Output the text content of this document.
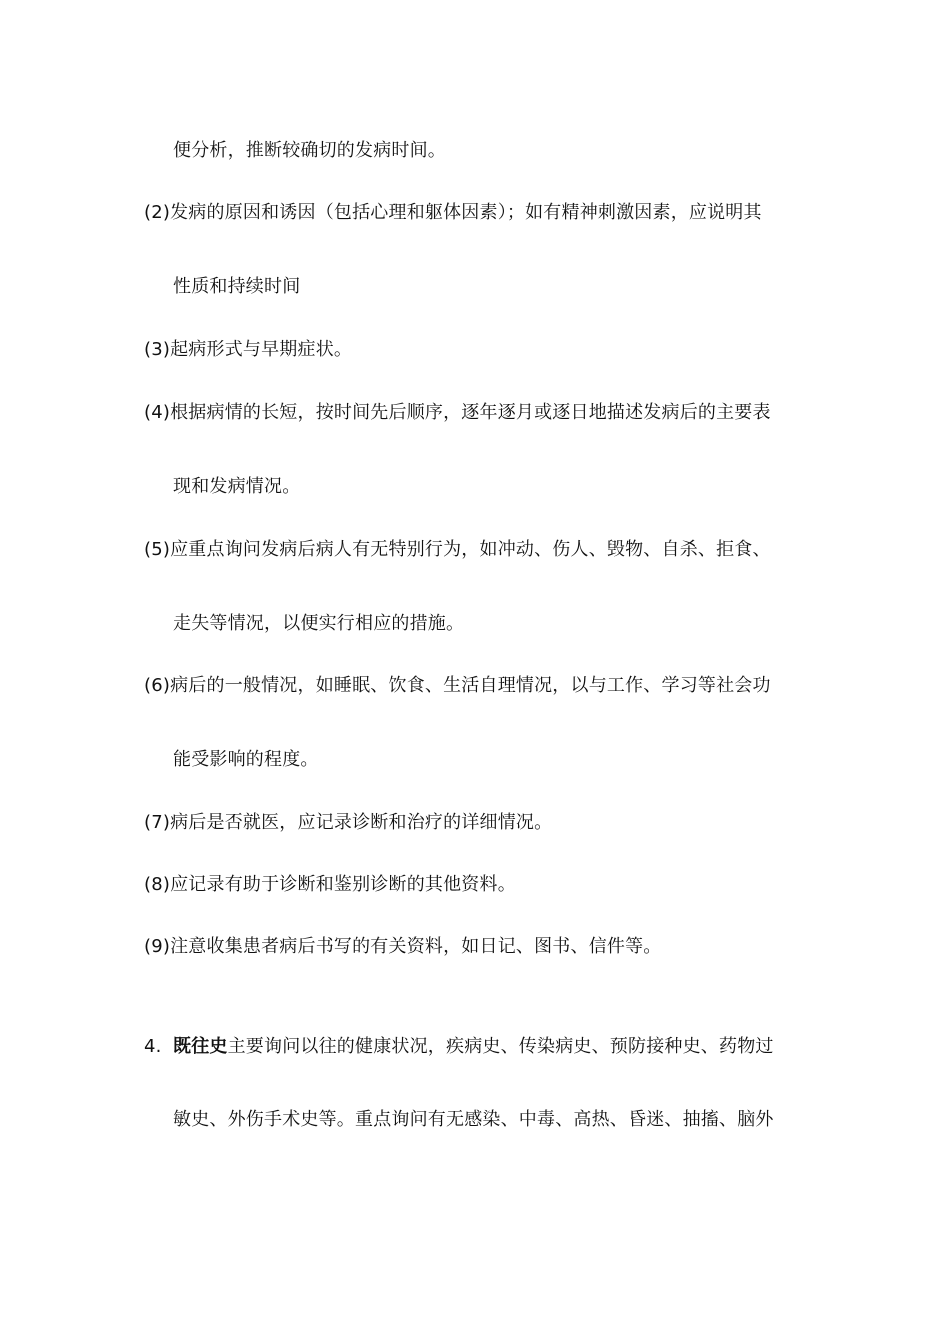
便分析，推断较确切的发病时间。
(2)发病的原因和诱因（包括心理和躯体因素）；如有精神刺激因素，应说明其
性质和持续时间
(3)起病形式与早期症状。
(4)根据病情的长短，按时间先后顺序，逐年逐月或逐日地描述发病后的主要表
现和发病情况。
(5)应重点询问发病后病人有无特别行为，如冲动、伤人、毁物、自杀、拒食、
走失等情况，以便实行相应的措施。
(6)病后的一般情况，如睡眠、饮食、生活自理情况，以与工作、学习等社会功
能受影响的程度。
(7)病后是否就医，应记录诊断和治疗的详细情况。
(8)应记录有助于诊断和鉴别诊断的其他资料。
(9)注意收集患者病后书写的有关资料，如日记、图书、信件等。
4. 既往史主要询问以往的健康状况，疾病史、传染病史、预防接种史、药物过
敏史、外伤手术史等。重点询问有无感染、中毒、高热、昏迷、抽搐、脑外
